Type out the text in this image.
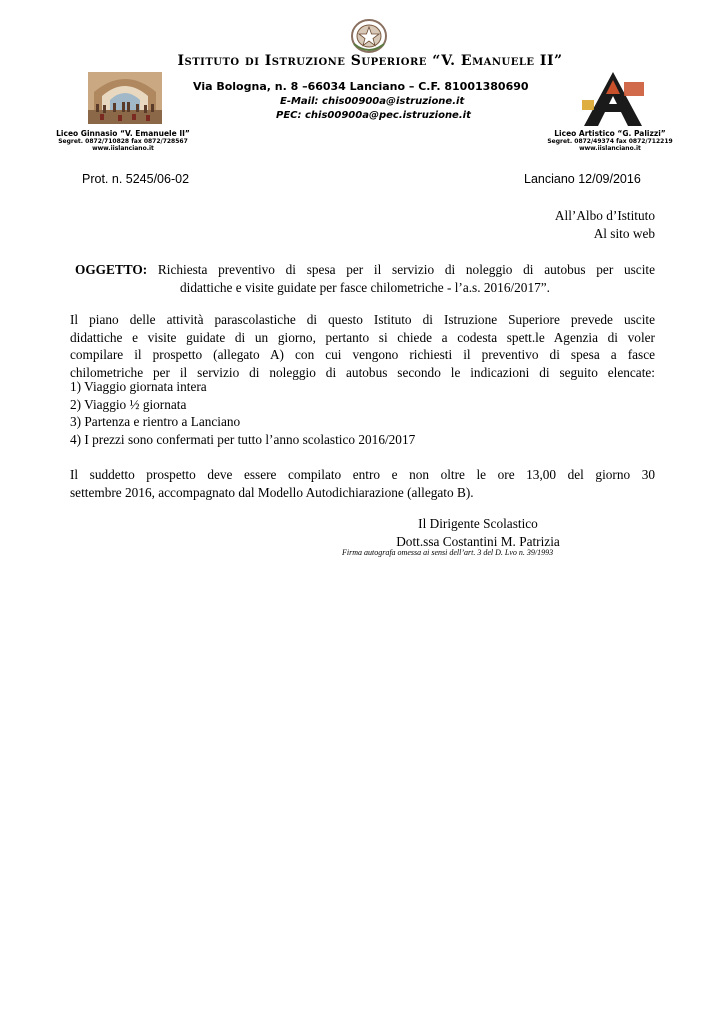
Istituto di Istruzione Superiore “V. Emanuele II”
Via Bologna, n. 8 –66034 Lanciano – C.F. 81001380690
E-Mail: chis00900a@istruzione.it
PEC: chis00900a@pec.istruzione.it
Liceo Ginnasio “V. Emanuele II”
Segret. 0872/710828 fax 0872/728567
www.iislanciano.it
Liceo Artistico “G. Palizzi”
Segret. 0872/49374 fax 0872/712219
www.iislanciano.it
Prot. n. 5245/06-02	Lanciano 12/09/2016
All’Albo d’Istituto
Al sito web
OGGETTO: Richiesta preventivo di spesa per il servizio di noleggio di autobus per uscite
didattiche e visite guidate per fasce chilometriche - l’a.s. 2016/2017”.
Il piano delle attività parascolastiche di questo Istituto di Istruzione Superiore prevede uscite
didattiche e visite guidate di un giorno, pertanto si chiede a codesta spett.le Agenzia di voler
compilare il prospetto (allegato A) con cui vengono richiesti il preventivo di spesa a fasce
chilometriche per il servizio di noleggio di autobus secondo le indicazioni di seguito elencate:
1) Viaggio giornata intera
2) Viaggio ½ giornata
3) Partenza e rientro a Lanciano
4) I prezzi sono confermati per tutto l’anno scolastico 2016/2017
Il suddetto prospetto deve essere compilato entro e non oltre le ore 13,00 del giorno 30
settembre 2016, accompagnato dal Modello Autodichiarazione (allegato B).
Il Dirigente Scolastico
Dott.ssa Costantini M. Patrizia
Firma autografa omessa ai sensi dell’art. 3 del D. Lvo n. 39/1993
